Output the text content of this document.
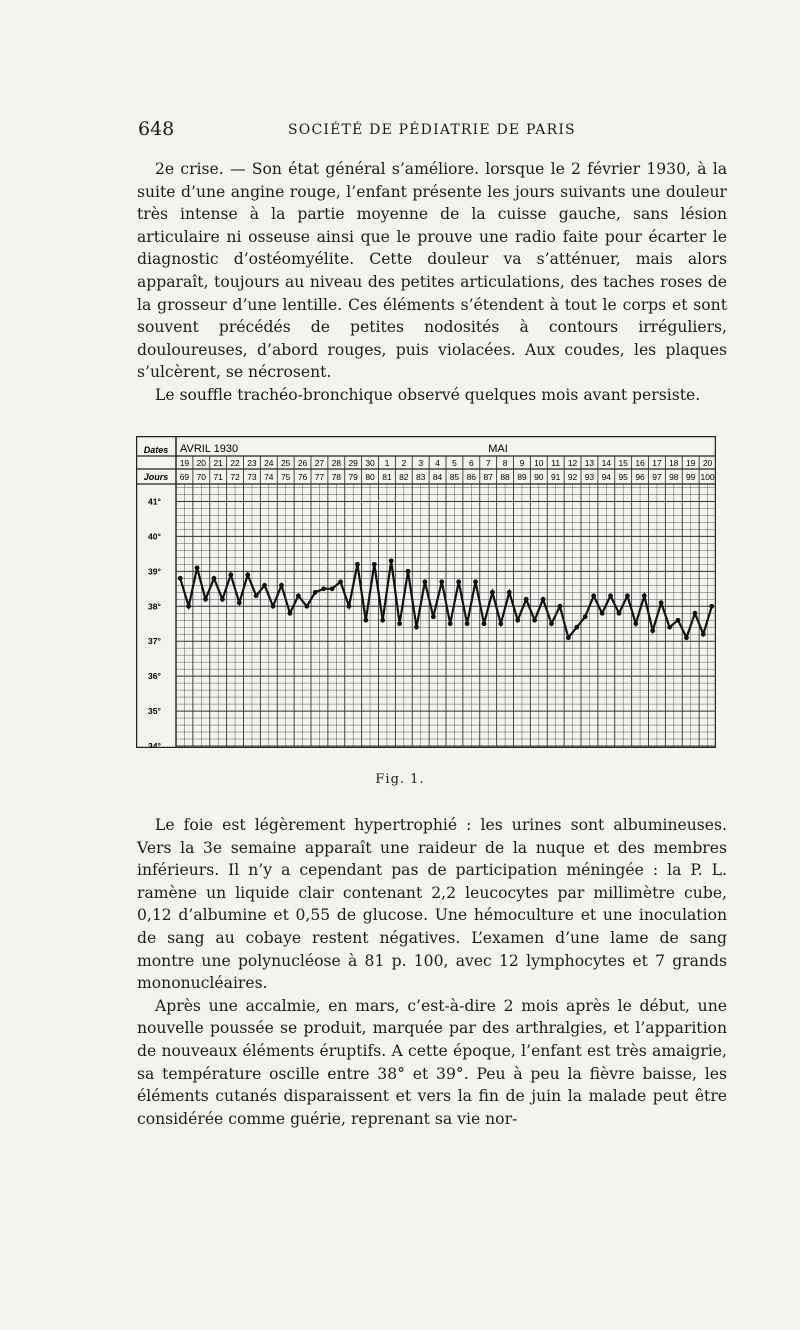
648	SOCIÉTÉ DE PÉDIATRIE DE PARIS

2e crise. — Son état général s’améliore. lorsque le 2 février 1930, à la suite d’une angine rouge, l’enfant présente les jours suivants une douleur très intense à la partie moyenne de la cuisse gauche, sans lésion articulaire ni osseuse ainsi que le prouve une radio faite pour écarter le diagnostic d’ostéomyélite. Cette douleur va s’atténuer, mais alors apparaît, toujours au niveau des petites articulations, des taches roses de la grosseur d’une lentille. Ces éléments s’étendent à tout le corps et sont souvent précédés de petites nodosités à contours irréguliers, douloureuses, d’abord rouges, puis violacées. Aux coudes, les plaques s’ulcèrent, se nécrosent.

Le souffle trachéo-bronchique observé quelques mois avant persiste.

Dates
Jours
AVRIL 1930	MAI
19 20 21 22 23 24 25 26 27 28 29 30 1 2 3 4 5 6 7 8 9 10 11 12 13 14 15 16 17 18 19 20
69 70 71 72 73 74 75 76 77 78 79 80 81 82 83 84 85 86 87 88 89 90 91 92 93 94 95 96 97 98 99 100
41°
40°
39°
38°
37°
36°
35°
34°
Fig. 1.

Le foie est légèrement hypertrophié : les urines sont albumineuses. Vers la 3e semaine apparaît une raideur de la nuque et des membres inférieurs. Il n’y a cependant pas de participation méningée : la P. L. ramène un liquide clair contenant 2,2 leucocytes par millimètre cube, 0,12 d’albumine et 0,55 de glucose. Une hémoculture et une inoculation de sang au cobaye restent négatives. L’examen d’une lame de sang montre une polynucléose à 81 p. 100, avec 12 lymphocytes et 7 grands mononucléaires.

Après une accalmie, en mars, c’est-à-dire 2 mois après le début, une nouvelle poussée se produit, marquée par des arthralgies, et l’apparition de nouveaux éléments éruptifs. A cette époque, l’enfant est très amaigrie, sa température oscille entre 38° et 39°. Peu à peu la fièvre baisse, les éléments cutanés disparaissent et vers la fin de juin la malade peut être considérée comme guérie, reprenant sa vie nor-
